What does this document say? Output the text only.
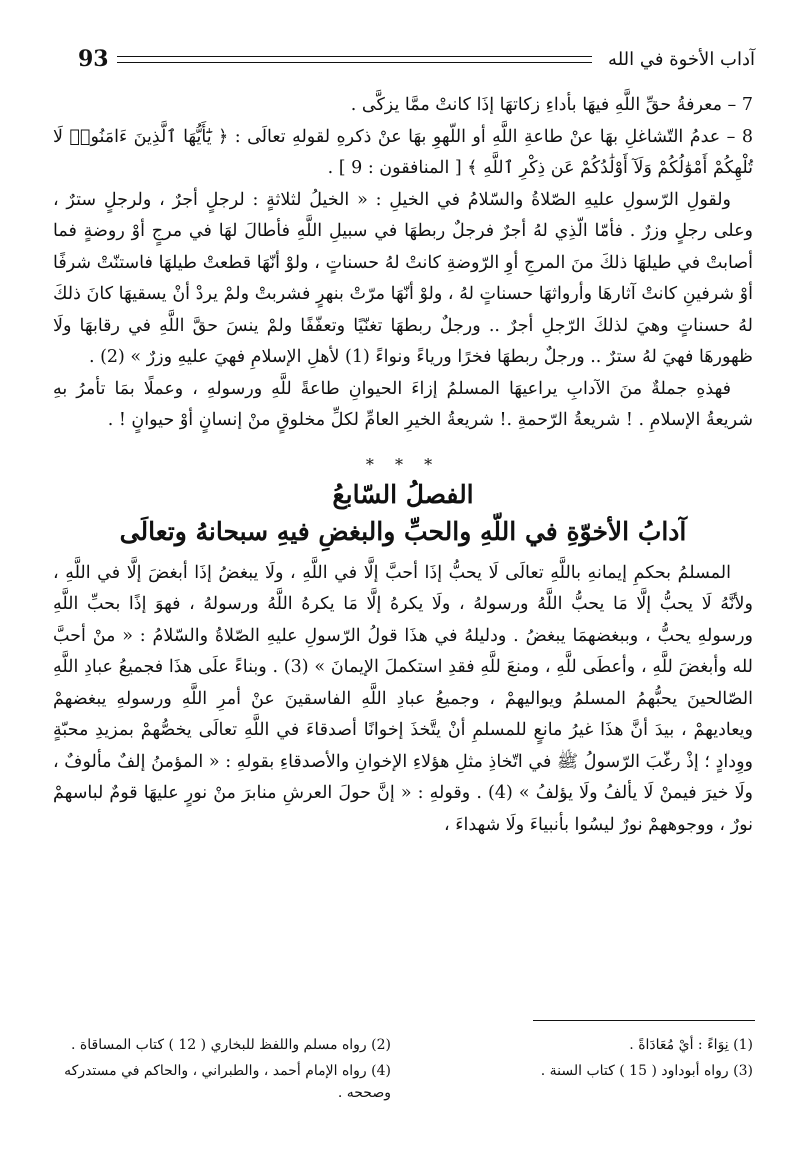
آداب الأخوة في الله
93

7 – معرفةُ حقِّ اللَّهِ فيهَا بأداءِ زكاتهَا إذَا كانتْ ممَّا يزكَّى .

8 – عدمُ التّشاغلِ بهَا عنْ طاعةِ اللَّهِ أو اللّهوِ بهَا عنْ ذكرهِ لقولهِ تعالَى : ﴿ يَٰٓأَيُّهَا ٱلَّذِينَ ءَامَنُوا۟ لَا تُلْهِكُمْ أَمْوَٰلُكُمْ وَلَآ أَوْلَٰدُكُمْ عَن ذِكْرِ ٱللَّهِ ﴾ [ المنافقون : 9 ] .

ولقولِ الرّسولِ عليهِ الصّلاةُ والسّلامُ في الخيلِ : « الخيلُ لثلاثةٍ : لرجلٍ أجرٌ ، ولرجلٍ سترٌ ، وعلى رجلٍ وزرٌ . فأمّا الّذِي لهُ أجرٌ فرجلٌ ربطهَا في سبيلِ اللَّهِ فأطالَ لهَا في مرجٍ أوْ روضةٍ فما أصابتْ في طيلهَا ذلكَ منَ المرجِ أوِ الرّوضةِ كانتْ لهُ حسناتٍ ، ولوْ أنّهَا قطعتْ طيلهَا فاستنّتْ شرفًا أوْ شرفينِ كانتْ آثارهَا وأرواثهَا حسناتٍ لهُ ، ولوْ أنّهَا مرّتْ بنهرٍ فشربتْ ولمْ يردْ أنْ يسقيهَا كانَ ذلكَ لهُ حسناتٍ وهيَ لذلكَ الرّجلِ أجرٌ .. ورجلٌ ربطهَا تغنّيًا وتعفّفًا ولمْ ينسَ حقَّ اللَّهِ في رقابهَا ولَا ظهورهَا فهيَ لهُ سترٌ .. ورجلٌ ربطهَا فخرًا ورياءً ونواءً (1) لأهلِ الإسلامِ فهيَ عليهِ وزرٌ » (2) .

فهذهِ جملةٌ منَ الآدابِ يراعيهَا المسلمُ إزاءَ الحيوانِ طاعةً للَّهِ ورسولهِ ، وعملًا بمَا تأمرُ بهِ شريعةُ الإسلامِ . ! شريعةُ الرّحمةِ .! شريعةُ الخيرِ العامِّ لكلِّ مخلوقٍ منْ إنسانٍ أوْ حيوانٍ ! .

* * *
الفصلُ السّابعُ
آدابُ الأخوّةِ في اللّهِ والحبِّ والبغضِ فيهِ سبحانهُ وتعالَى

المسلمُ بحكمِ إيمانهِ باللَّهِ تعالَى لَا يحبُّ إذَا أحبَّ إلَّا في اللَّهِ ، ولَا يبغضُ إذَا أبغضَ إلَّا في اللَّهِ ، ولأنَّهُ لَا يحبُّ إلَّا مَا يحبُّ اللَّهُ ورسولهُ ، ولَا يكرهُ إلَّا مَا يكرهُ اللَّهُ ورسولهُ ، فهوَ إذًا بحبِّ اللَّهِ ورسولهِ يحبُّ ، وببغضهمَا يبغضُ . ودليلهُ في هذَا قولُ الرّسولِ عليهِ الصّلاةُ والسّلامُ : « منْ أحبَّ لله وأبغضَ للَّهِ ، وأعطَى للَّهِ ، ومنعَ للَّهِ فقدِ استكملَ الإيمانَ » (3) . وبناءً علَى هذَا فجميعُ عبادِ اللَّهِ الصّالحينَ يحبُّهمُ المسلمُ ويواليهمْ ، وجميعُ عبادِ اللَّهِ الفاسقينَ عنْ أمرِ اللَّهِ ورسولهِ يبغضهمْ ويعاديهمْ ، بيدَ أنَّ هذَا غيرُ مانعٍ للمسلمِ أنْ يتَّخذَ إخوانًا أصدقاءَ في اللَّهِ تعالَى يخصُّهمْ بمزيدِ محبّةٍ ووِدادٍ ؛ إذْ رغّبَ الرّسولُ ﷺ في اتّخاذِ مثلِ هؤلاءِ الإخوانِ والأصدقاءِ بقولهِ : « المؤمنُ إلفٌ مألوفٌ ، ولَا خيرَ فيمنْ لَا يألفُ ولَا يؤلفُ » (4) . وقولهِ : « إنَّ حولَ العرشِ منابرَ منْ نورٍ عليهَا قومٌ لباسهمْ نورٌ ، ووجوههمْ نورٌ ليسُوا بأنبياءَ ولَا شهداءَ ،

(1) نِوَاءً : أيْ مُعَادَاةً .
(2) رواه مسلم واللفظ للبخاري ( 12 ) كتاب المساقاة .
(3) رواه أبوداود ( 15 ) كتاب السنة .
(4) رواه الإمام أحمد ، والطبراني ، والحاكم في مستدركه وصححه .
